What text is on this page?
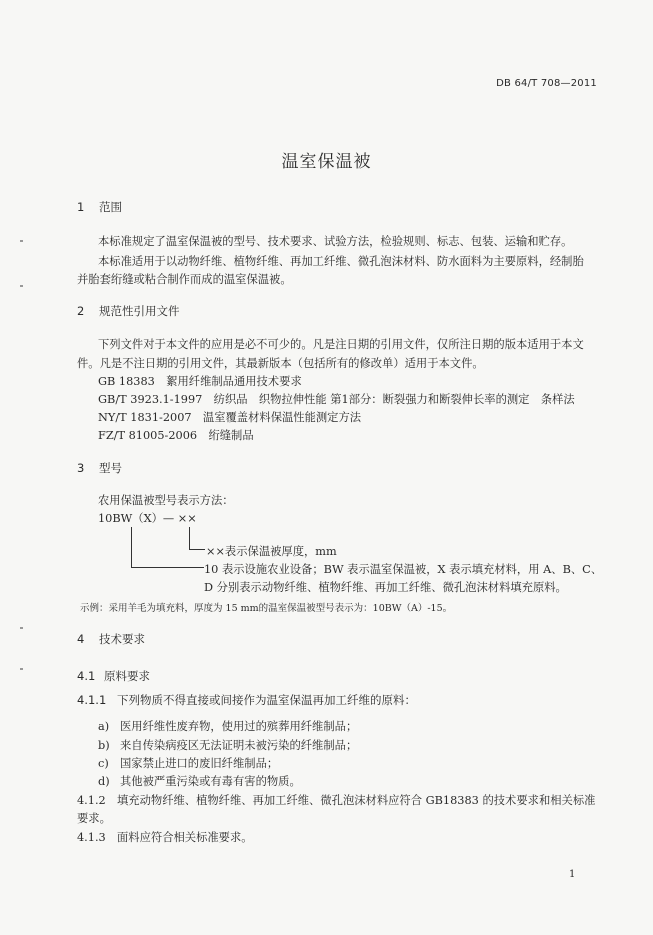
DB 64/T 708—2011
温室保温被
1 范围
本标准规定了温室保温被的型号、技术要求、试验方法，检验规则、标志、包装、运输和贮存。
本标准适用于以动物纤维、植物纤维、再加工纤维、微孔泡沫材料、防水面料为主要原料，经制胎
并胎套绗缝或粘合制作而成的温室保温被。
2 规范性引用文件
下列文件对于本文件的应用是必不可少的。凡是注日期的引用文件，仅所注日期的版本适用于本文
件。凡是不注日期的引用文件，其最新版本（包括所有的修改单）适用于本文件。
GB 18383　 絮用纤维制品通用技术要求
GB/T 3923.1-1997　 纺织品　织物拉伸性能 第1部分：断裂强力和断裂伸长率的测定　条样法
NY/T 1831-2007　 温室覆盖材料保温性能测定方法
FZ/T 81005-2006　 绗缝制品
3 型号
农用保温被型号表示方法：
10BW（X）— ××
××表示保温被厚度，mm
10 表示设施农业设备；BW 表示温室保温被，X 表示填充材料，用 A、B、C、
D 分别表示动物纤维、植物纤维、再加工纤维、微孔泡沫材料填充原料。
示例：采用羊毛为填充料，厚度为 15 mm的温室保温被型号表示为：10BW（A）-15。
4 技术要求
4.1 原料要求
4.1.1 下列物质不得直接或间接作为温室保温再加工纤维的原料：
a) 医用纤维性废弃物，使用过的殡葬用纤维制品；
b) 来自传染病疫区无法证明未被污染的纤维制品；
c) 国家禁止进口的废旧纤维制品；
d) 其他被严重污染或有毒有害的物质。
4.1.2 填充动物纤维、植物纤维、再加工纤维、微孔泡沫材料应符合 GB18383 的技术要求和相关标准
要求。
4.1.3 面料应符合相关标准要求。
1
